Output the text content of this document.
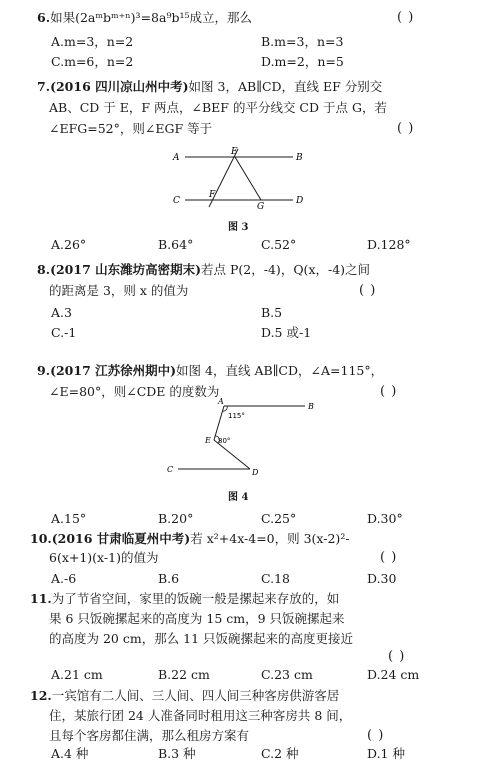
6.如果(2aᵐbᵐ⁺ⁿ)³=8a⁹b¹⁵成立，那么	( )
A.m=3，n=2	B.m=3，n=3
C.m=6，n=2	D.m=2，n=5
7.(2016 四川凉山州中考)如图 3，AB∥CD，直线 EF 分别交
AB、CD 于 E，F 两点，∠BEF 的平分线交 CD 于点 G，若
∠EFG=52°，则∠EGF 等于	( )
A
E
B
C
F
G
D
图 3
A.26°	B.64°	C.52°	D.128°
8.(2017 山东潍坊高密期末)若点 P(2，-4)，Q(x，-4)之间
的距离是 3，则 x 的值为	( )
A.3	B.5
C.-1	D.5 或-1
9.(2017 江苏徐州期中)如图 4，直线 AB∥CD，∠A=115°，
∠E=80°，则∠CDE 的度数为	( )
A
B
E
C	D
115°
80°
图 4
A.15°	B.20°	C.25°	D.30°
10.(2016 甘肃临夏州中考)若 x²+4x-4=0，则 3(x-2)²-
6(x+1)(x-1)的值为	( )
A.-6	B.6	C.18	D.30
11.为了节省空间，家里的饭碗一般是摞起来存放的，如
果 6 只饭碗摞起来的高度为 15 cm，9 只饭碗摞起来
的高度为 20 cm，那么 11 只饭碗摞起来的高度更接近
( )
A.21 cm	B.22 cm	C.23 cm	D.24 cm
12.一宾馆有二人间、三人间、四人间三种客房供游客居
住，某旅行团 24 人准备同时租用这三种客房共 8 间，
且每个客房都住满，那么租房方案有	( )
A.4 种	B.3 种	C.2 种	D.1 种
